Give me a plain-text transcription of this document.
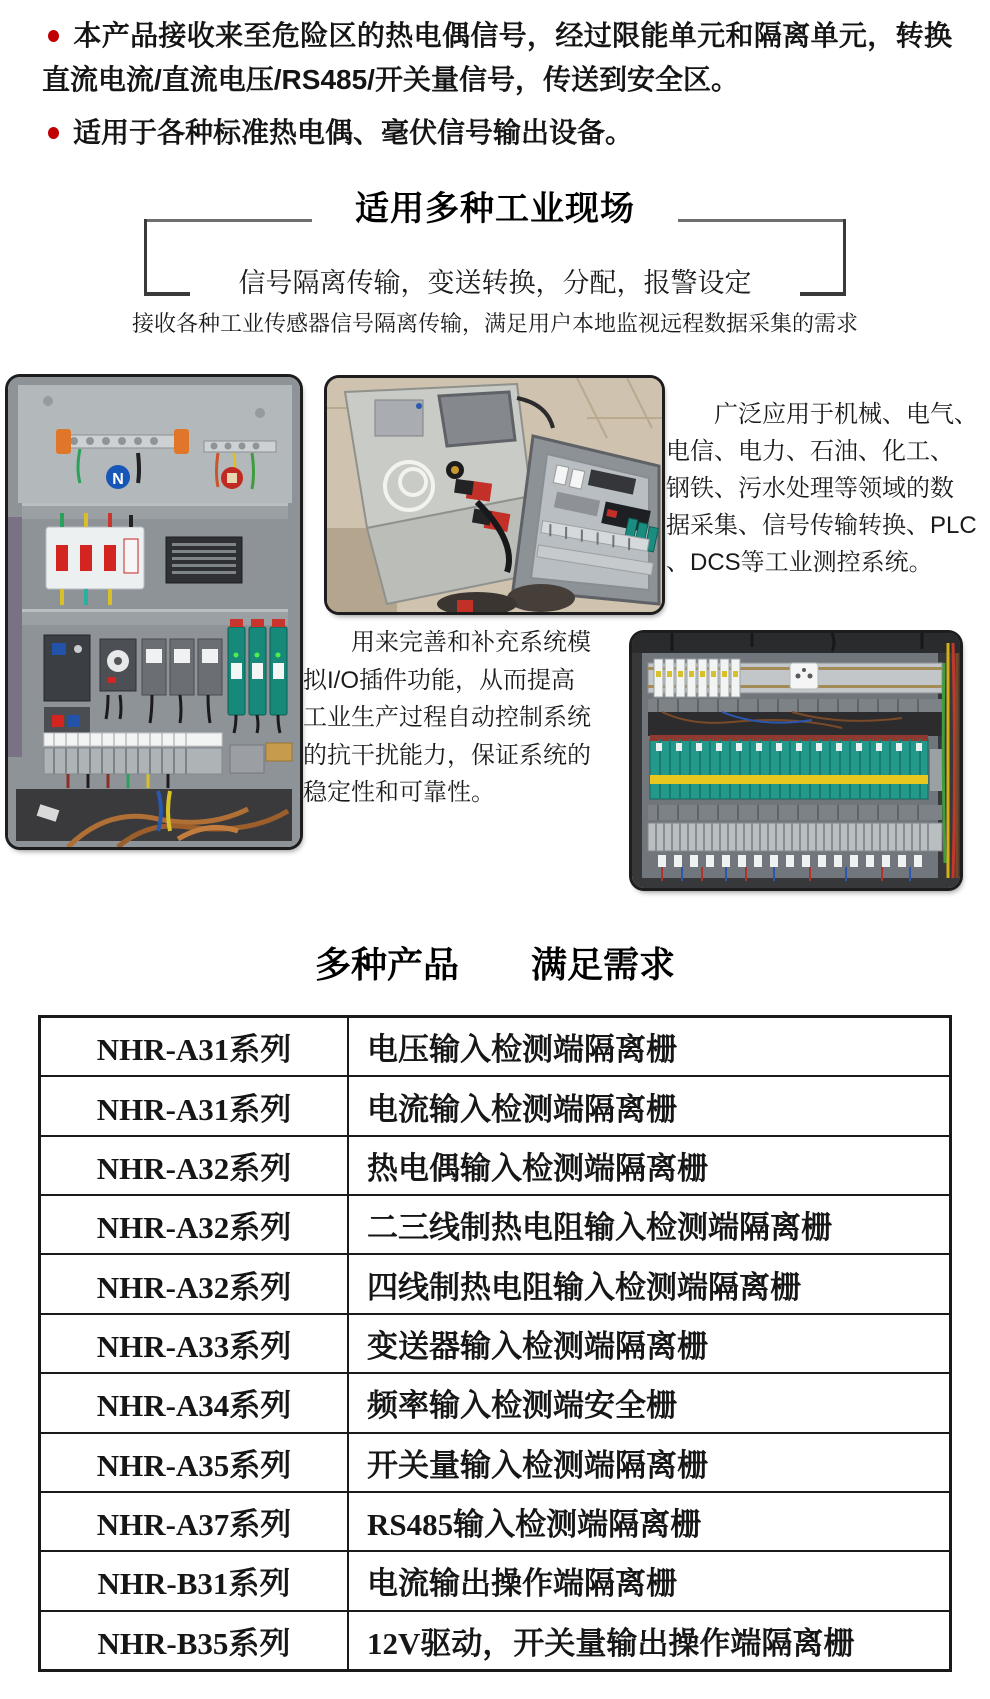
本产品接收来至危险区的热电偶信号，经过限能单元和隔离单元，转换直流电流/直流电压/RS485/开关量信号，传送到安全区。

适用于各种标准热电偶、毫伏信号输出设备。

适用多种工业现场
信号隔离传输，变送转换，分配，报警设定
接收各种工业传感器信号隔离传输，满足用户本地监视远程数据采集的需求
N
广泛应用于机械、电气、
电信、电力、石油、化工、
钢铁、污水处理等领域的数
据采集、信号传输转换、PLC
、DCS等工业测控系统。
用来完善和补充系统模
拟I/O插件功能，从而提高
工业生产过程自动控制系统
的抗干扰能力，保证系统的
稳定性和可靠性。
多种产品　　满足需求
NHR-A31系列	电压输入检测端隔离栅
NHR-A31系列	电流输入检测端隔离栅
NHR-A32系列	热电偶输入检测端隔离栅
NHR-A32系列	二三线制热电阻输入检测端隔离栅
NHR-A32系列	四线制热电阻输入检测端隔离栅
NHR-A33系列	变送器输入检测端隔离栅
NHR-A34系列	频率输入检测端安全栅
NHR-A35系列	开关量输入检测端隔离栅
NHR-A37系列	RS485输入检测端隔离栅
NHR-B31系列	电流输出操作端隔离栅
NHR-B35系列	12V驱动，开关量输出操作端隔离栅
